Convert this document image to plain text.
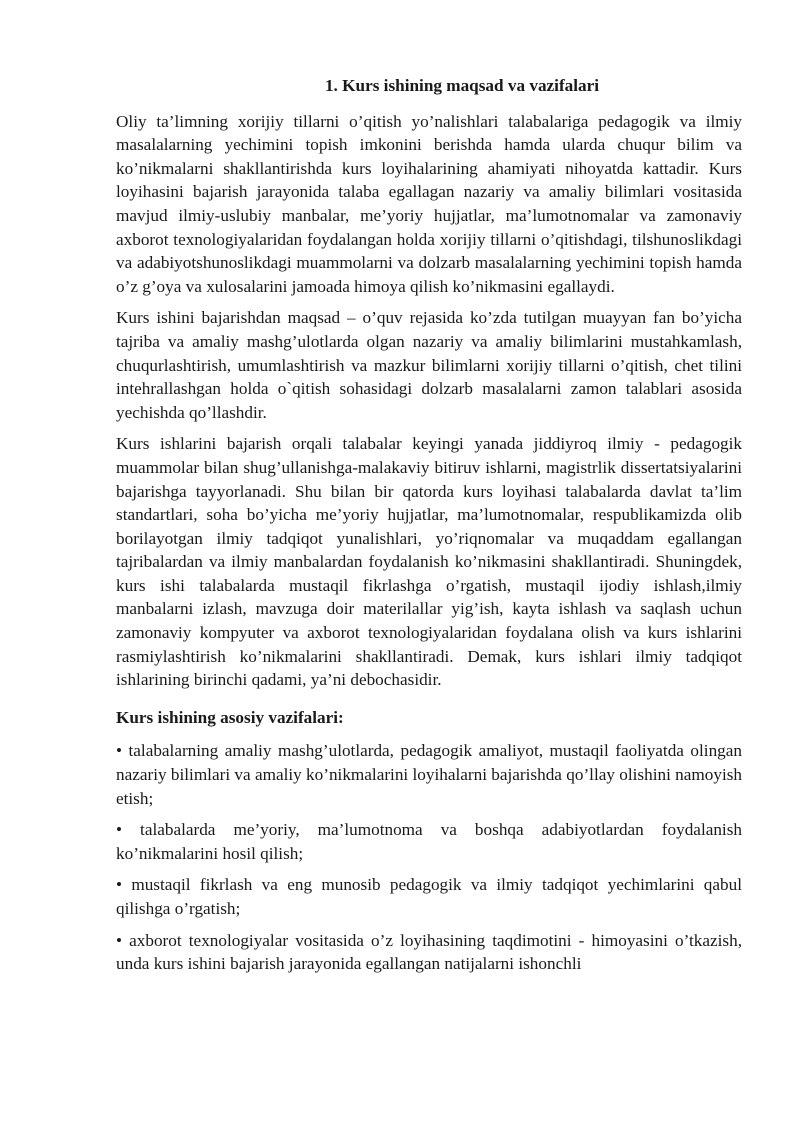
1. Kurs ishining maqsad va vazifalari

Oliy ta’limning xorijiy tillarni o’qitish yo’nalishlari talabalariga pedagogik va ilmiy masalalarning yechimini topish imkonini berishda hamda ularda chuqur bilim va ko’nikmalarni shakllantirishda kurs loyihalarining ahamiyati nihoyatda kattadir. Kurs loyihasini bajarish jarayonida talaba egallagan nazariy va amaliy bilimlari vositasida mavjud ilmiy-uslubiy manbalar, me’yoriy hujjatlar, ma’lumotnomalar va zamonaviy axborot texnologiyalaridan foydalangan holda xorijiy tillarni o’qitishdagi, tilshunoslikdagi va adabiyotshunoslikdagi muammolarni va dolzarb masalalarning yechimini topish hamda o’z g’oya va xulosalarini jamoada himoya qilish ko’nikmasini egallaydi.

Kurs ishini bajarishdan maqsad – o’quv rejasida ko’zda tutilgan muayyan fan bo’yicha tajriba va amaliy mashg’ulotlarda olgan nazariy va amaliy bilimlarini mustahkamlash, chuqurlashtirish, umumlashtirish va mazkur bilimlarni xorijiy tillarni o’qitish, chet tilini intehrallashgan holda o`qitish sohasidagi dolzarb masalalarni zamon talablari asosida yechishda qo’llashdir.

Kurs ishlarini bajarish orqali talabalar keyingi yanada jiddiyroq ilmiy - pedagogik muammolar bilan shug’ullanishga-malakaviy bitiruv ishlarni, magistrlik dissertatsiyalarini bajarishga tayyorlanadi. Shu bilan bir qatorda kurs loyihasi talabalarda davlat ta’lim standartlari, soha bo’yicha me’yoriy hujjatlar, ma’lumotnomalar, respublikamizda olib borilayotgan ilmiy tadqiqot yunalishlari, yo’riqnomalar va muqaddam egallangan tajribalardan va ilmiy manbalardan foydalanish ko’nikmasini shakllantiradi. Shuningdek, kurs ishi talabalarda mustaqil fikrlashga o’rgatish, mustaqil ijodiy ishlash,ilmiy manbalarni izlash, mavzuga doir materilallar yig’ish, kayta ishlash va saqlash uchun zamonaviy kompyuter va axborot texnologiyalaridan foydalana olish va kurs ishlarini rasmiylashtirish ko’nikmalarini shakllantiradi. Demak, kurs ishlari ilmiy tadqiqot ishlarining birinchi qadami, ya’ni debochasidir.

Kurs ishining asosiy vazifalari:

• talabalarning amaliy mashg’ulotlarda, pedagogik amaliyot, mustaqil faoliyatda olingan nazariy bilimlari va amaliy ko’nikmalarini loyihalarni bajarishda qo’llay olishini namoyish etish;

• talabalarda me’yoriy, ma’lumotnoma va boshqa adabiyotlardan foydalanish ko’nikmalarini hosil qilish;

• mustaqil fikrlash va eng munosib pedagogik va ilmiy tadqiqot yechimlarini qabul qilishga o’rgatish;

• axborot texnologiyalar vositasida o’z loyihasining taqdimotini - himoyasini o’tkazish, unda kurs ishini bajarish jarayonida egallangan natijalarni ishonchli
